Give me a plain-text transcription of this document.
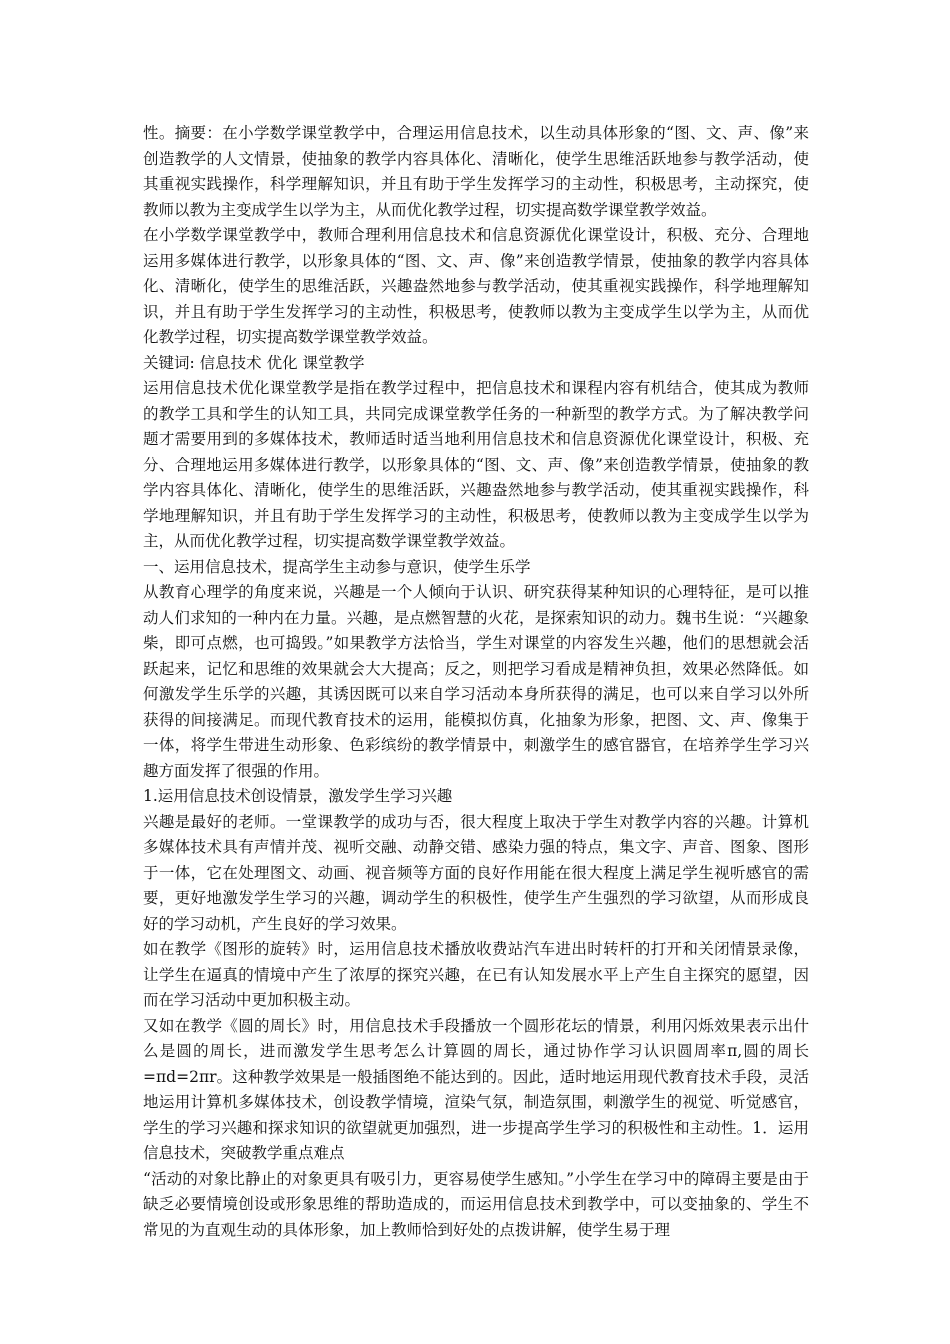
性。摘要：在小学数学课堂教学中，合理运用信息技术，以生动具体形象的“图、文、声、像”来创造教学的人文情景，使抽象的教学内容具体化、清晰化，使学生思维活跃地参与教学活动，使其重视实践操作，科学理解知识，并且有助于学生发挥学习的主动性，积极思考，主动探究，使教师以教为主变成学生以学为主，从而优化教学过程，切实提高数学课堂教学效益。

在小学数学课堂教学中，教师合理利用信息技术和信息资源优化课堂设计，积极、充分、合理地运用多媒体进行教学，以形象具体的“图、文、声、像”来创造教学情景，使抽象的教学内容具体化、清晰化，使学生的思维活跃，兴趣盎然地参与教学活动，使其重视实践操作，科学地理解知识，并且有助于学生发挥学习的主动性，积极思考，使教师以教为主变成学生以学为主，从而优化教学过程，切实提高数学课堂教学效益。

关键词: 信息技术 优化 课堂教学

运用信息技术优化课堂教学是指在教学过程中，把信息技术和课程内容有机结合，使其成为教师的教学工具和学生的认知工具，共同完成课堂教学任务的一种新型的教学方式。为了解决教学问题才需要用到的多媒体技术，教师适时适当地利用信息技术和信息资源优化课堂设计，积极、充分、合理地运用多媒体进行教学，以形象具体的“图、文、声、像”来创造教学情景，使抽象的教学内容具体化、清晰化，使学生的思维活跃，兴趣盎然地参与教学活动，使其重视实践操作，科学地理解知识，并且有助于学生发挥学习的主动性，积极思考，使教师以教为主变成学生以学为主，从而优化教学过程，切实提高数学课堂教学效益。

一、运用信息技术，提高学生主动参与意识，使学生乐学

从教育心理学的角度来说，兴趣是一个人倾向于认识、研究获得某种知识的心理特征，是可以推动人们求知的一种内在力量。兴趣，是点燃智慧的火花，是探索知识的动力。魏书生说：“兴趣象柴，即可点燃，也可捣毁。”如果教学方法恰当，学生对课堂的内容发生兴趣，他们的思想就会活跃起来，记忆和思维的效果就会大大提高；反之，则把学习看成是精神负担，效果必然降低。如何激发学生乐学的兴趣，其诱因既可以来自学习活动本身所获得的满足，也可以来自学习以外所获得的间接满足。而现代教育技术的运用，能模拟仿真，化抽象为形象，把图、文、声、像集于一体，将学生带进生动形象、色彩缤纷的教学情景中，刺激学生的感官器官，在培养学生学习兴趣方面发挥了很强的作用。

1.运用信息技术创设情景，激发学生学习兴趣

兴趣是最好的老师。一堂课教学的成功与否，很大程度上取决于学生对教学内容的兴趣。计算机多媒体技术具有声情并茂、视听交融、动静交错、感染力强的特点，集文字、声音、图象、图形于一体，它在处理图文、动画、视音频等方面的良好作用能在很大程度上满足学生视听感官的需要，更好地激发学生学习的兴趣，调动学生的积极性，使学生产生强烈的学习欲望，从而形成良好的学习动机，产生良好的学习效果。

如在教学《图形的旋转》时，运用信息技术播放收费站汽车进出时转杆的打开和关闭情景录像，让学生在逼真的情境中产生了浓厚的探究兴趣，在已有认知发展水平上产生自主探究的愿望，因而在学习活动中更加积极主动。

又如在教学《圆的周长》时，用信息技术手段播放一个圆形花坛的情景，利用闪烁效果表示出什么是圆的周长，进而激发学生思考怎么计算圆的周长，通过协作学习认识圆周率π,圆的周长=πd=2πr。这种教学效果是一般插图绝不能达到的。因此，适时地运用现代教育技术手段，灵活地运用计算机多媒体技术，创设教学情境，渲染气氛，制造氛围，刺激学生的视觉、听觉感官，学生的学习兴趣和探求知识的欲望就更加强烈，进一步提高学生学习的积极性和主动性。1．运用信息技术，突破教学重点难点

“活动的对象比静止的对象更具有吸引力，更容易使学生感知。”小学生在学习中的障碍主要是由于缺乏必要情境创设或形象思维的帮助造成的，而运用信息技术到教学中，可以变抽象的、学生不常见的为直观生动的具体形象，加上教师恰到好处的点拨讲解，使学生易于理
